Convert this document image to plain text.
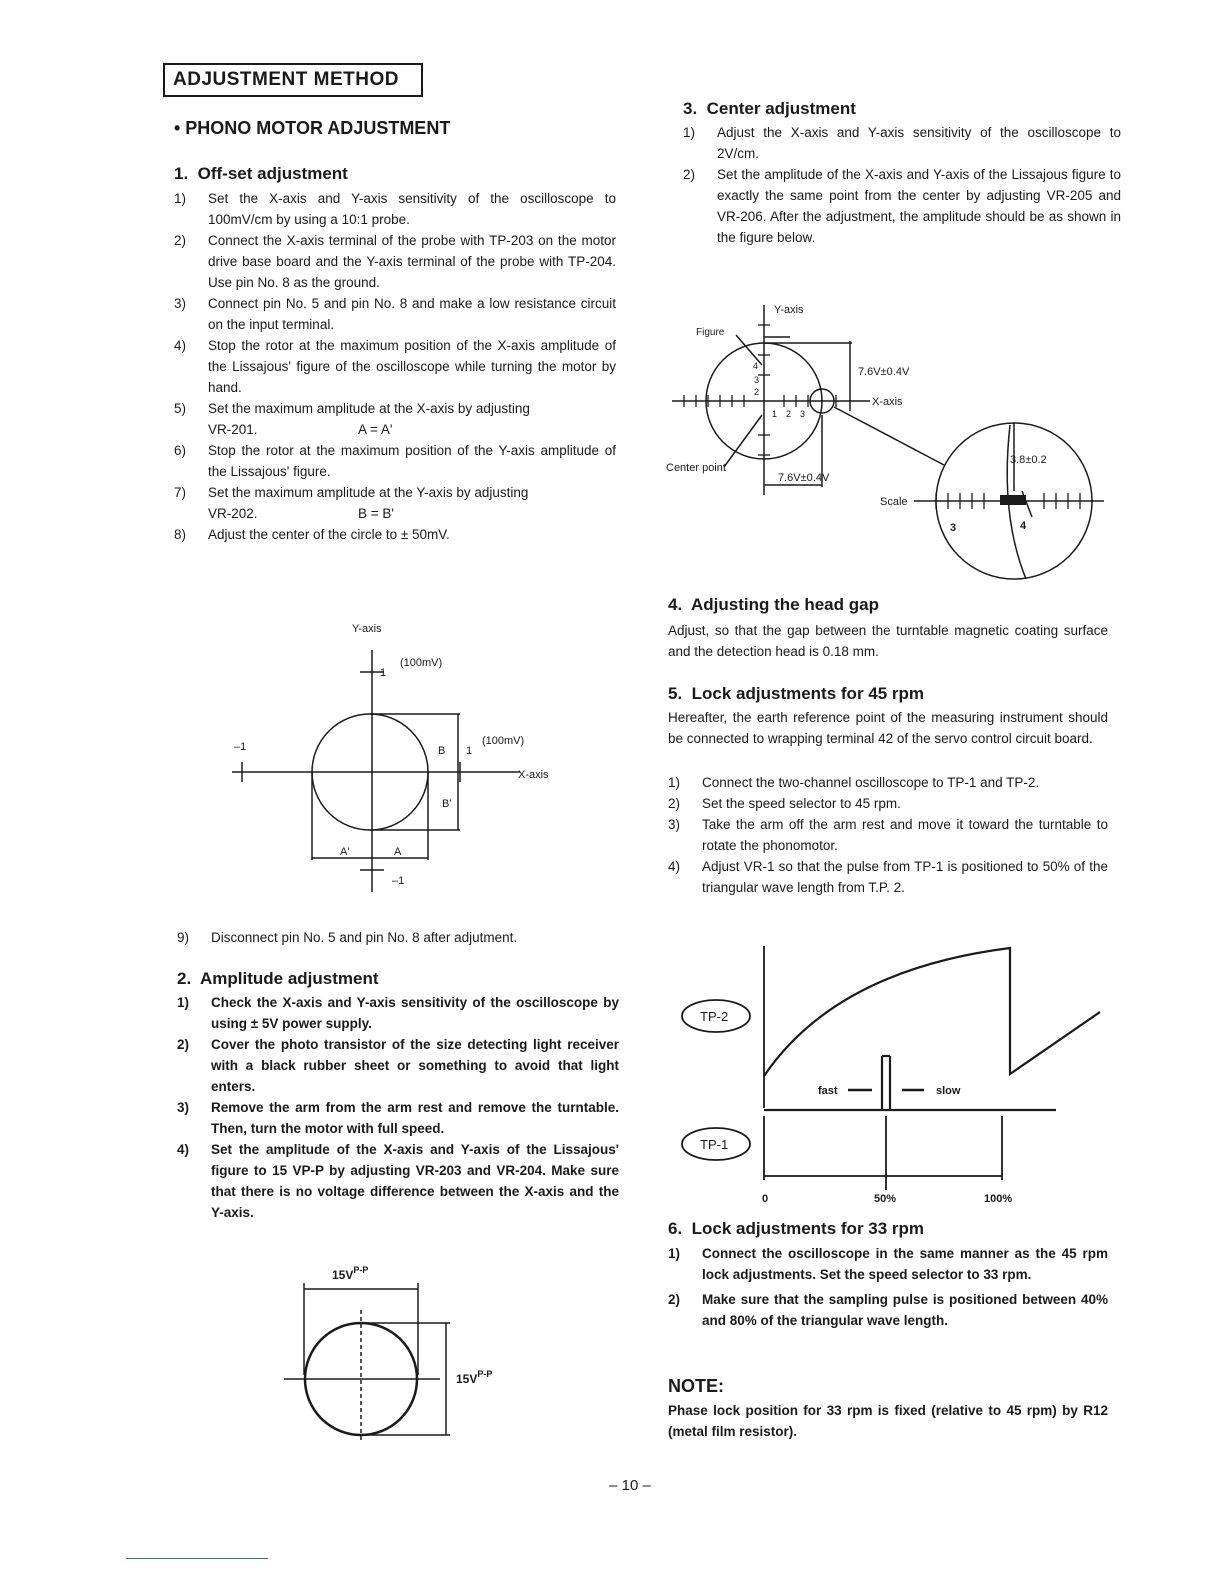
ADJUSTMENT METHOD
• PHONO MOTOR ADJUSTMENT
1. Off-set adjustment
1)	Set the X-axis and Y-axis sensitivity of the oscilloscope to 100mV/cm by using a 10:1 probe.
2)	Connect the X-axis terminal of the probe with TP-203 on the motor drive base board and the Y-axis terminal of the probe with TP-204. Use pin No. 8 as the ground.
3)	Connect pin No. 5 and pin No. 8 and make a low resistance circuit on the input terminal.
4)	Stop the rotor at the maximum position of the X-axis amplitude of the Lissajous' figure of the oscilloscope while turning the motor by hand.
5)	Set the maximum amplitude at the X-axis by adjusting
VR-201.	A = A'
6)	Stop the rotor at the maximum position of the Y-axis amplitude of the Lissajous' figure.
7)	Set the maximum amplitude at the Y-axis by adjusting
VR-202.	B = B'
8)	Adjust the center of the circle to ± 50mV.
Y-axis
1
(100mV)
–1	B 1
(100mV)
X-axis
B'
A'	A
–1
9)	Disconnect pin No. 5 and pin No. 8 after adjutment.
2. Amplitude adjustment
1)	Check the X-axis and Y-axis sensitivity of the oscilloscope by using ± 5V power supply.
2)	Cover the photo transistor of the size detecting light receiver with a black rubber sheet or something to avoid that light enters.
3)	Remove the arm from the arm rest and remove the turntable. Then, turn the motor with full speed.
4)	Set the amplitude of the X-axis and Y-axis of the Lissajous' figure to 15 VP-P by adjusting VR-203 and VR-204. Make sure that there is no voltage difference between the X-axis and the Y-axis.
$15V^{P-P}$
$15V^{P-P}$
3. Center adjustment
1)	Adjust the X-axis and Y-axis sensitivity of the oscilloscope to 2V/cm.
2)	Set the amplitude of the X-axis and Y-axis of the Lissajous figure to exactly the same point from the center by adjusting VR-205 and VR-206. After the adjustment, the amplitude should be as shown in the figure below.
Y-axis
Figure
4
3
2
1 2 3
7.6V±0.4V
X-axis
Center point
7.6V±0.4V
3.8±0.2
Scale
3	4
4. Adjusting the head gap
Adjust, so that the gap between the turntable magnetic coating surface and the detection head is 0.18 mm.
5. Lock adjustments for 45 rpm
Hereafter, the earth reference point of the measuring instrument should be connected to wrapping terminal 42 of the servo control circuit board.
1)	Connect the two-channel oscilloscope to TP-1 and TP-2.
2)	Set the speed selector to 45 rpm.
3)	Take the arm off the arm rest and move it toward the turntable to rotate the phonomotor.
4)	Adjust VR-1 so that the pulse from TP-1 is positioned to 50% of the triangular wave length from T.P. 2.
TP-2
TP-1
fast	slow
0	50%	100%
6. Lock adjustments for 33 rpm
1)	Connect the oscilloscope in the same manner as the 45 rpm lock adjustments. Set the speed selector to 33 rpm.
2)	Make sure that the sampling pulse is positioned between 40% and 80% of the triangular wave length.
NOTE:
Phase lock position for 33 rpm is fixed (relative to 45 rpm) by R12 (metal film resistor).
– 10 –
